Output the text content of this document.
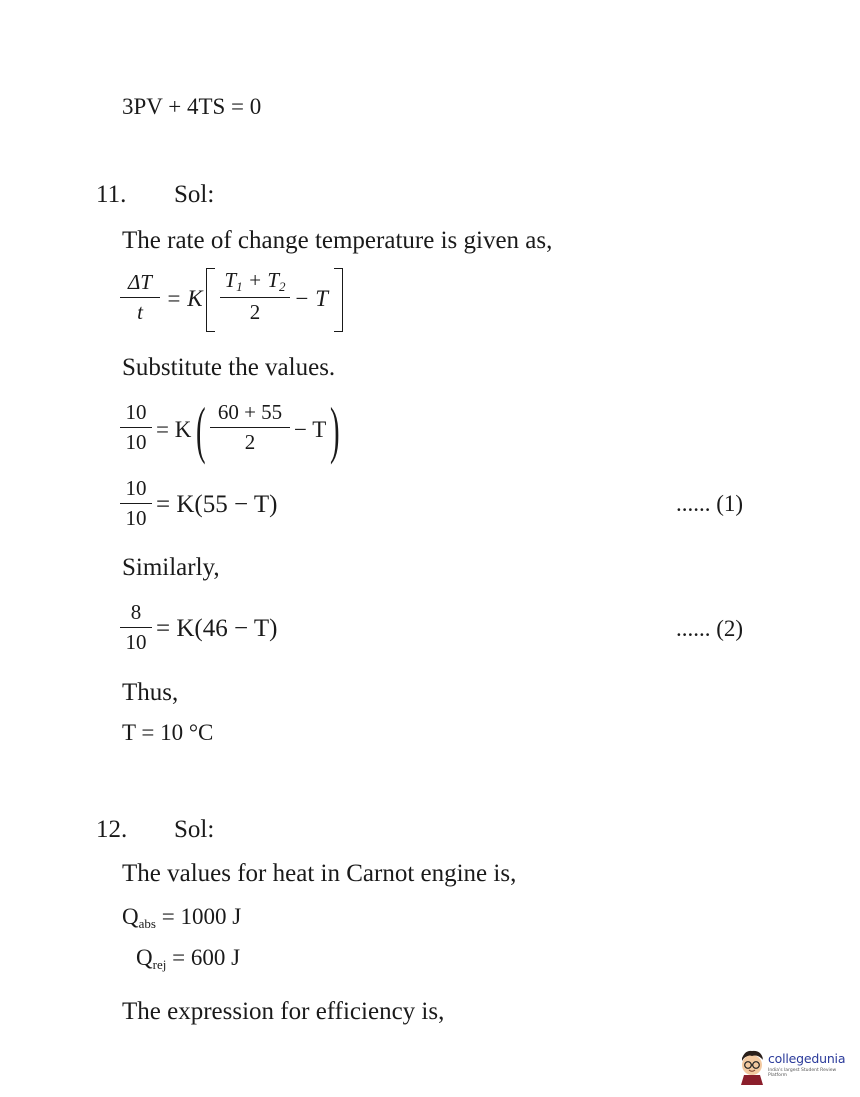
3PV + 4TS = 0
11. Sol:
The rate of change temperature is given as,
ΔT
t
= K
$T_1 + T_2$
2
− T
Substitute the values.
10
10 = K ( 60 + 55
2	− T )
10
10 = K(55 − T)	...... (1)
Similarly,
8
10 = K(46 − T)	...... (2)
Thus,
T = 10 °C
12. Sol:
The values for heat in Carnot engine is,
$Q_{abs} = 1000$ J
$Q_{rej} = 600$ J
The expression for efficiency is,
collegedunia
India's largest Student Review Platform
